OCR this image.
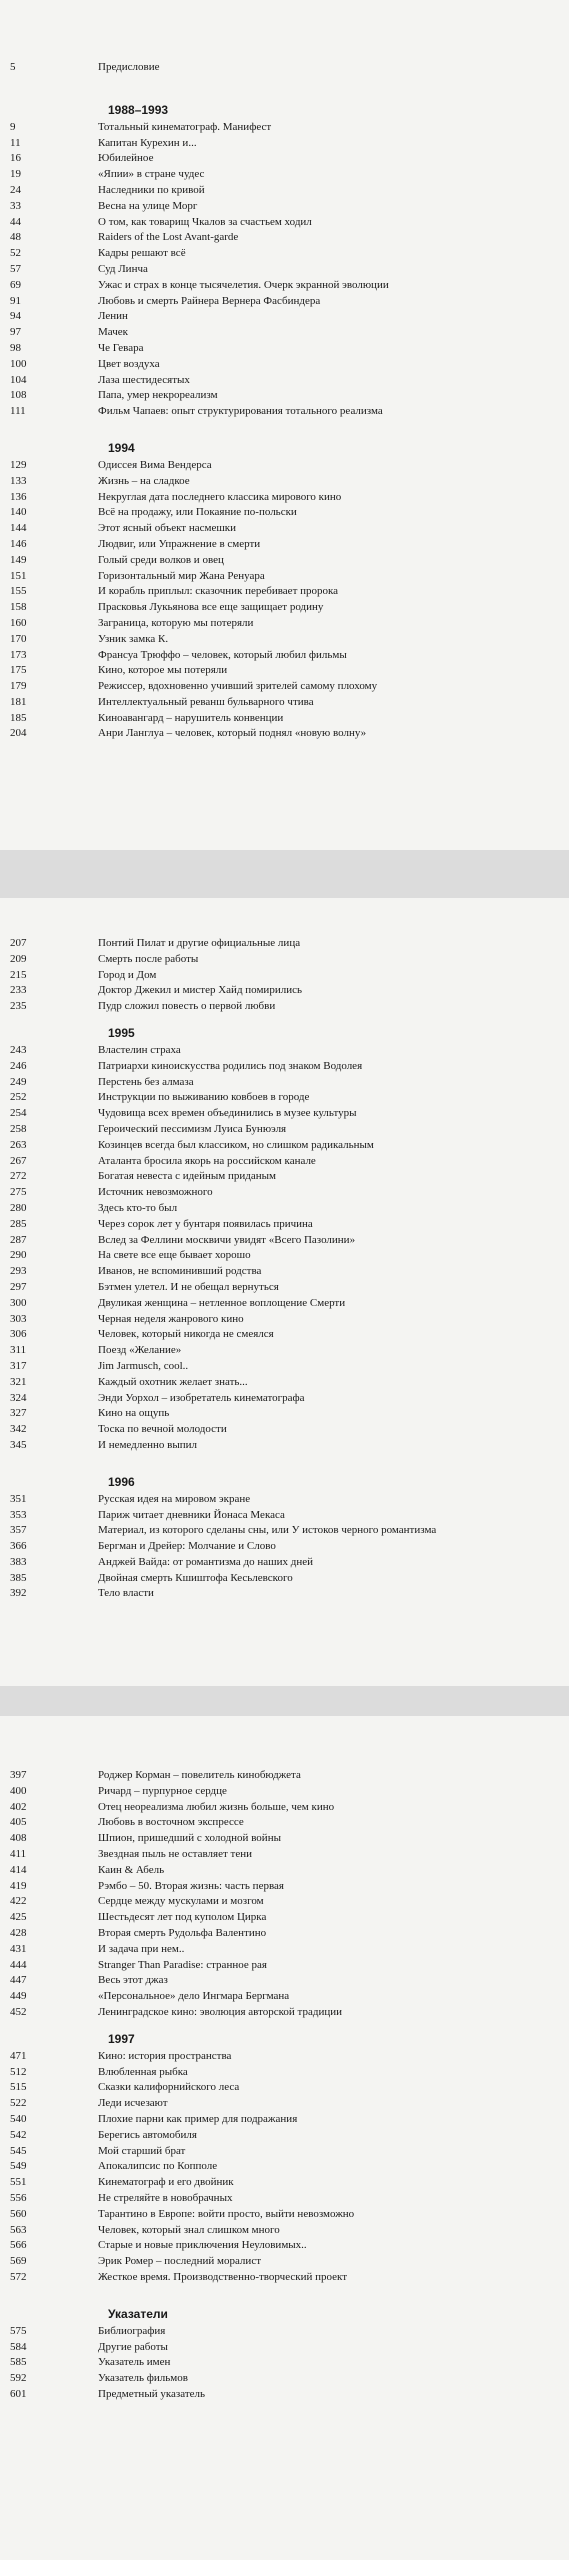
5	Предисловие
1988–1993
9	Тотальный кинематограф. Манифест
11	Капитан Курехин и...
16	Юбилейное
19	«Япии» в стране чудес
24	Наследники по кривой
33	Весна на улице Морг
44	О том, как товарищ Чкалов за счастьем ходил
48	Raiders of the Lost Avant-garde
52	Кадры решают всё
57	Суд Линча
69	Ужас и страх в конце тысячелетия. Очерк экранной эволюции
91	Любовь и смерть Райнера Вернера Фасбиндера
94	Ленин
97	Мачек
98	Че Гевара
100	Цвет воздуха
104	Лаза шестидесятых
108	Папа, умер некрореализм
111	Фильм Чапаев: опыт структурирования тотального реализма
1994
129	Одиссея Вима Вендерса
133	Жизнь – на сладкое
136	Некруглая дата последнего классика мирового кино
140	Всё на продажу, или Покаяние по-польски
144	Этот ясный объект насмешки
146	Людвиг, или Упражнение в смерти
149	Голый среди волков и овец
151	Горизонтальный мир Жана Ренуара
155	И корабль приплыл: сказочник перебивает пророка
158	Прасковья Лукьянова все еще защищает родину
160	Заграница, которую мы потеряли
170	Узник замка К.
173	Франсуа Трюффо – человек, который любил фильмы
175	Кино, которое мы потеряли
179	Режиссер, вдохновенно учивший зрителей самому плохому
181	Интеллектуальный реванш бульварного чтива
185	Киноавангард – нарушитель конвенции
204	Анри Ланглуа – человек, который поднял «новую волну»
207	Понтий Пилат и другие официальные лица
209	Смерть после работы
215	Город и Дом
233	Доктор Джекил и мистер Хайд помирились
235	Пудр сложил повесть о первой любви
1995
243	Властелин страха
246	Патриархи киноискусства родились под знаком Водолея
249	Перстень без алмаза
252	Инструкции по выживанию ковбоев в городе
254	Чудовища всех времен объединились в музее культуры
258	Героический пессимизм Луиса Бунюэля
263	Козинцев всегда был классиком, но слишком радикальным
267	Аталанта бросила якорь на российском канале
272	Богатая невеста с идейным приданым
275	Источник невозможного
280	Здесь кто-то был
285	Через сорок лет у бунтаря появилась причина
287	Вслед за Феллини москвичи увидят «Всего Пазолини»
290	На свете все еще бывает хорошо
293	Иванов, не вспоминивший родства
297	Бэтмен улетел. И не обещал вернуться
300	Двуликая женщина – нетленное воплощение Смерти
303	Черная неделя жанрового кино
306	Человек, который никогда не смеялся
311	Поезд «Желание»
317	Jim Jarmusch, cool..
321	Каждый охотник желает знать...
324	Энди Уорхол – изобретатель кинематографа
327	Кино на ощупь
342	Тоска по вечной молодости
345	И немедленно выпил
1996
351	Русская идея на мировом экране
353	Париж читает дневники Йонаса Мекаса
357	Материал, из которого сделаны сны, или У истоков черного романтизма
366	Бергман и Дрейер: Молчание и Слово
383	Анджей Вайда: от романтизма до наших дней
385	Двойная смерть Кшиштофа Кесьлевского
392	Тело власти
397	Роджер Корман – повелитель кинобюджета
400	Ричард – пурпурное сердце
402	Отец неореализма любил жизнь больше, чем кино
405	Любовь в восточном экспрессе
408	Шпион, пришедший с холодной войны
411	Звездная пыль не оставляет тени
414	Каин & Абель
419	Рэмбо – 50. Вторая жизнь: часть первая
422	Сердце между мускулами и мозгом
425	Шестьдесят лет под куполом Цирка
428	Вторая смерть Рудольфа Валентино
431	И задача при нем..
444	Stranger Than Paradise: странное рая
447	Весь этот джаз
449	«Персональное» дело Ингмара Бергмана
452	Ленинградское кино: эволюция авторской традиции
1997
471	Кино: история пространства
512	Влюбленная рыбка
515	Сказки калифорнийского леса
522	Леди исчезают
540	Плохие парни как пример для подражания
542	Берегись автомобиля
545	Мой старший брат
549	Апокалипсис по Копполе
551	Кинематограф и его двойник
556	Не стреляйте в новобрачных
560	Тарантино в Европе: войти просто, выйти невозможно
563	Человек, который знал слишком много
566	Старые и новые приключения Неуловимых..
569	Эрик Ромер – последний моралист
572	Жесткое время. Производственно-творческий проект
Указатели
575	Библиография
584	Другие работы
585	Указатель имен
592	Указатель фильмов
601	Предметный указатель
